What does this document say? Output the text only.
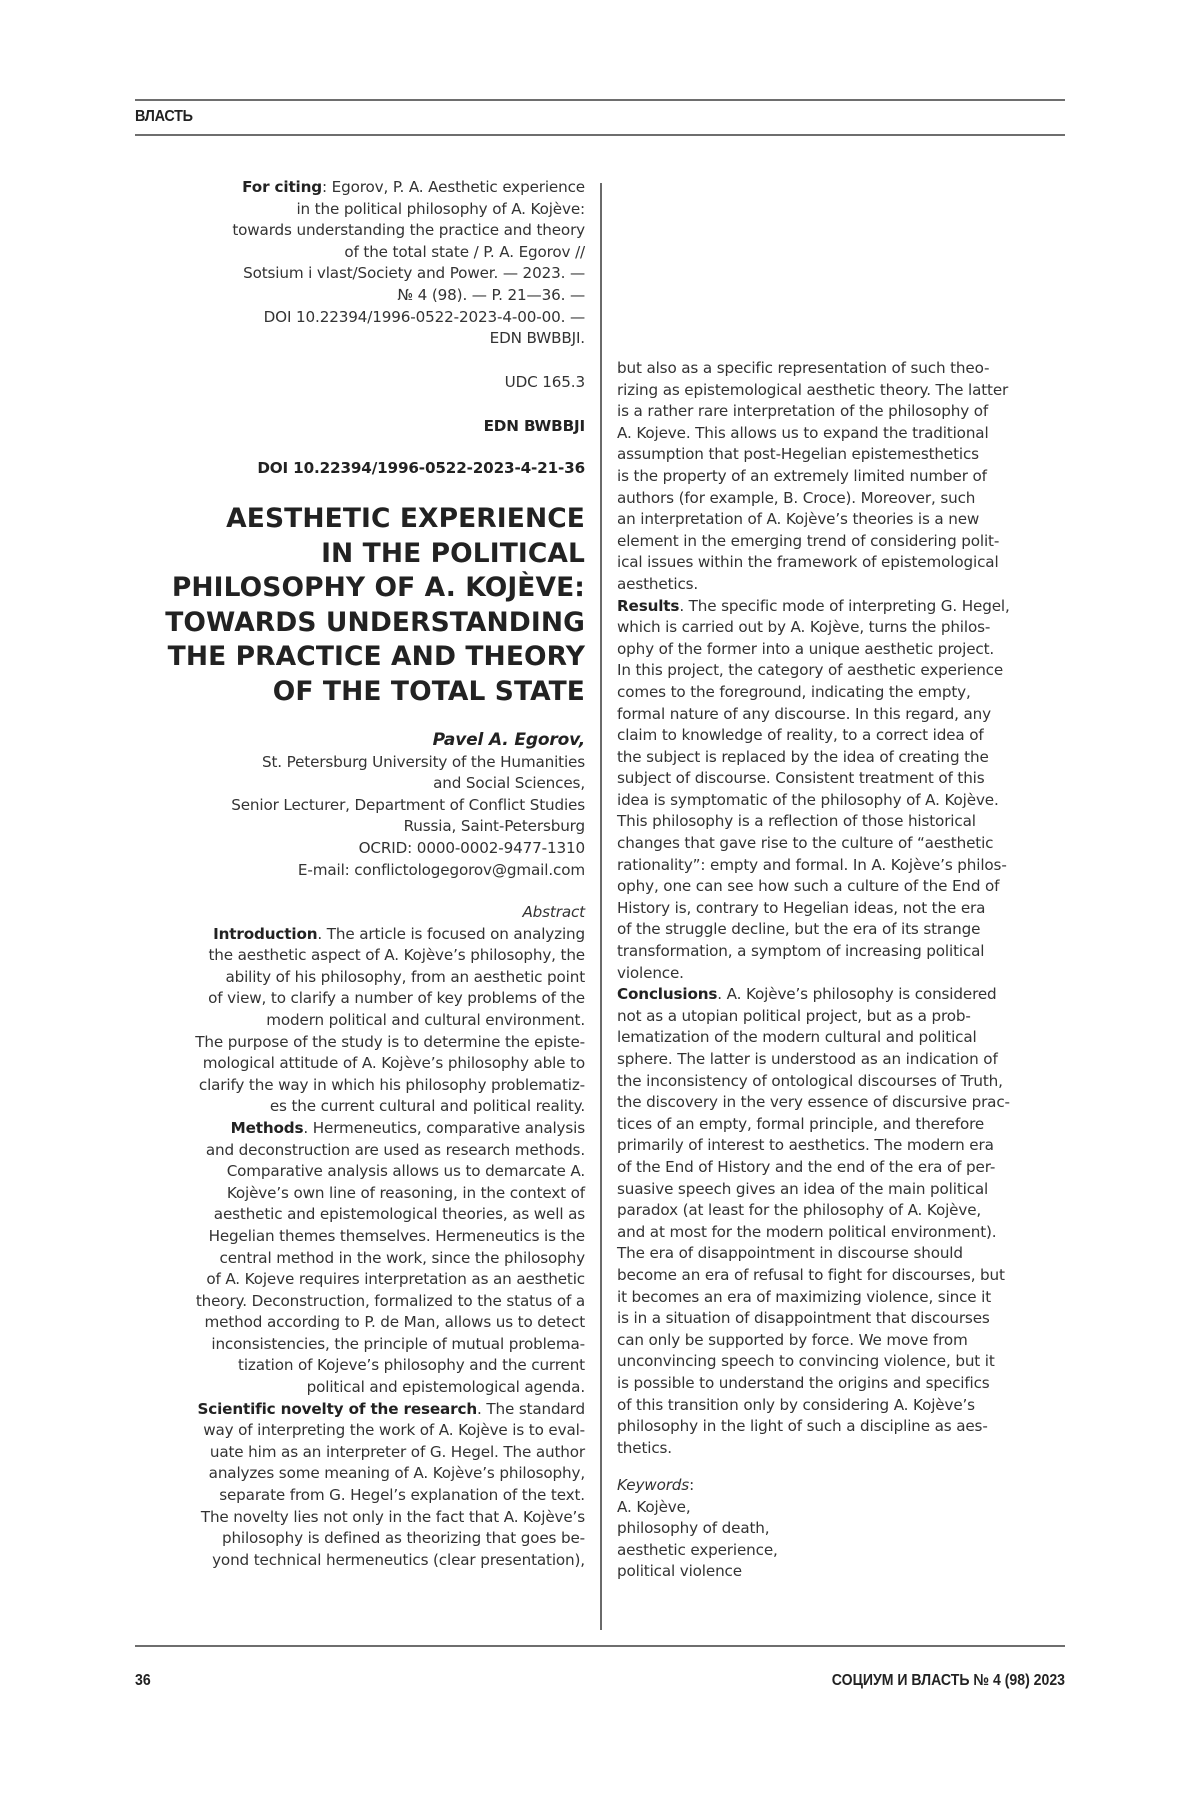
ВЛАСТЬ
For citing: Egorov, P. A. Aesthetic experience
in the political philosophy of A. Kojève:
towards understanding the practice and theory
of the total state / P. A. Egorov //
Sotsium i vlast/Society and Power. — 2023. —
№ 4 (98). — P. 21—36. —
DOI 10.22394/1996-0522-2023-4-00-00. —
EDN BWBBJI.
UDC 165.3
EDN BWBBJI
DOI 10.22394/1996-0522-2023-4-21-36
AESTHETIC EXPERIENCE
IN THE POLITICAL
PHILOSOPHY OF A. KOJÈVE:
TOWARDS UNDERSTANDING
THE PRACTICE AND THEORY
OF THE TOTAL STATE
Pavel A. Egorov,
St. Petersburg University of the Humanities
and Social Sciences,
Senior Lecturer, Department of Conflict Studies
Russia, Saint-Petersburg
OCRID: 0000-0002-9477-1310
E-mail: conflictologegorov@gmail.com
Abstract
Introduction. The article is focused on analyzing
the aesthetic aspect of A. Kojève’s philosophy, the
ability of his philosophy, from an aesthetic point
of view, to clarify a number of key problems of the
modern political and cultural environment.
The purpose of the study is to determine the episte-
mological attitude of A. Kojève’s philosophy able to
clarify the way in which his philosophy problematiz-
es the current cultural and political reality.
Methods. Hermeneutics, comparative analysis
and deconstruction are used as research methods.
Comparative analysis allows us to demarcate A.
Kojève’s own line of reasoning, in the context of
aesthetic and epistemological theories, as well as
Hegelian themes themselves. Hermeneutics is the
central method in the work, since the philosophy
of A. Kojeve requires interpretation as an aesthetic
theory. Deconstruction, formalized to the status of a
method according to P. de Man, allows us to detect
inconsistencies, the principle of mutual problema-
tization of Kojeve’s philosophy and the current
political and epistemological agenda.
Scientific novelty of the research. The standard
way of interpreting the work of A. Kojève is to eval-
uate him as an interpreter of G. Hegel. The author
analyzes some meaning of A. Kojève’s philosophy,
separate from G. Hegel’s explanation of the text.
The novelty lies not only in the fact that A. Kojève’s
philosophy is defined as theorizing that goes be-
yond technical hermeneutics (clear presentation),
but also as a specific representation of such theo-
rizing as epistemological aesthetic theory. The latter
is a rather rare interpretation of the philosophy of
A. Kojeve. This allows us to expand the traditional
assumption that post-Hegelian epistemesthetics
is the property of an extremely limited number of
authors (for example, B. Croce). Moreover, such
an interpretation of A. Kojève’s theories is a new
element in the emerging trend of considering polit-
ical issues within the framework of epistemological
aesthetics.
Results. The specific mode of interpreting G. Hegel,
which is carried out by A. Kojève, turns the philos-
ophy of the former into a unique aesthetic project.
In this project, the category of aesthetic experience
comes to the foreground, indicating the empty,
formal nature of any discourse. In this regard, any
claim to knowledge of reality, to a correct idea of
the subject is replaced by the idea of creating the
subject of discourse. Consistent treatment of this
idea is symptomatic of the philosophy of A. Kojève.
This philosophy is a reflection of those historical
changes that gave rise to the culture of “aesthetic
rationality”: empty and formal. In A. Kojève’s philos-
ophy, one can see how such a culture of the End of
History is, contrary to Hegelian ideas, not the era
of the struggle decline, but the era of its strange
transformation, a symptom of increasing political
violence.
Conclusions. A. Kojève’s philosophy is considered
not as a utopian political project, but as a prob-
lematization of the modern cultural and political
sphere. The latter is understood as an indication of
the inconsistency of ontological discourses of Truth,
the discovery in the very essence of discursive prac-
tices of an empty, formal principle, and therefore
primarily of interest to aesthetics. The modern era
of the End of History and the end of the era of per-
suasive speech gives an idea of the main political
paradox (at least for the philosophy of A. Kojève,
and at most for the modern political environment).
The era of disappointment in discourse should
become an era of refusal to fight for discourses, but
it becomes an era of maximizing violence, since it
is in a situation of disappointment that discourses
can only be supported by force. We move from
unconvincing speech to convincing violence, but it
is possible to understand the origins and specifics
of this transition only by considering A. Kojève’s
philosophy in the light of such a discipline as aes-
thetics.
Keywords:
A. Kojève,
philosophy of death,
aesthetic experience,
political violence
36	СОЦИУМ И ВЛАСТЬ № 4 (98) 2023
